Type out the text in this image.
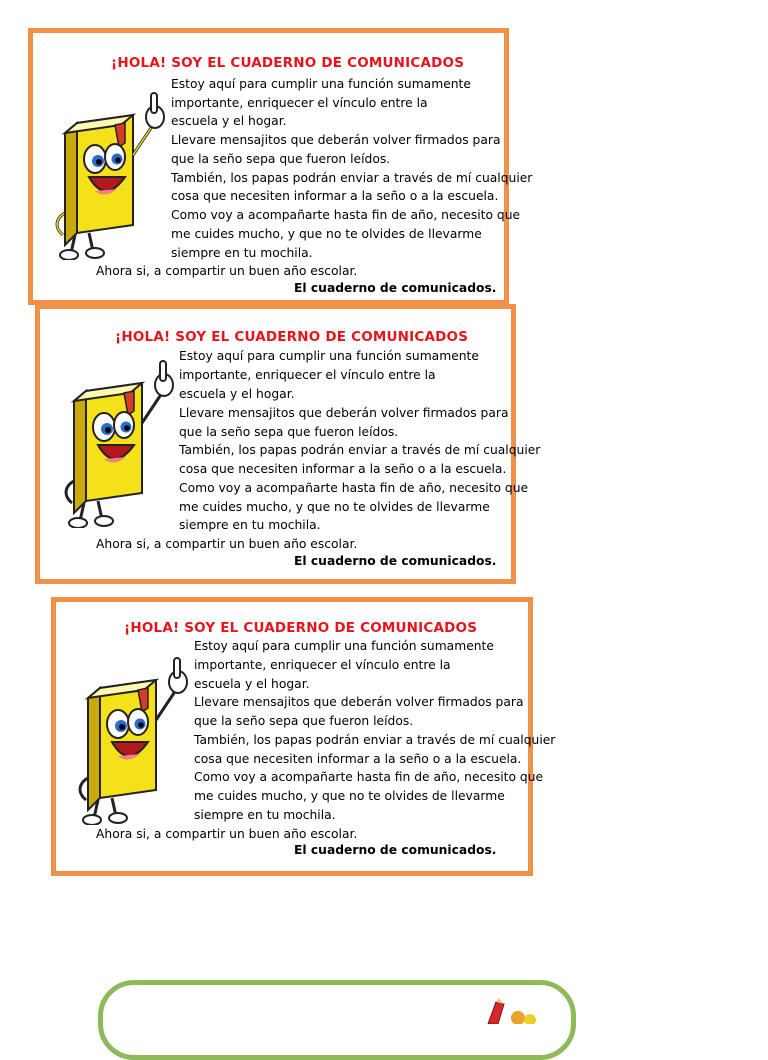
¡HOLA! SOY EL CUADERNO DE COMUNICADOS
Estoy aquí para cumplir una función sumamente
importante, enriquecer el vínculo entre la
escuela y el hogar.
Llevare mensajitos que deberán volver firmados para
que la seño sepa que fueron leídos.
También, los papas podrán enviar a través de mí cualquier
cosa que necesiten informar a la seño o a la escuela.
Como voy a acompañarte hasta fin de año, necesito que
me cuides mucho, y que no te olvides de llevarme
siempre en tu mochila.
Ahora si, a compartir un buen año escolar.
El cuaderno de comunicados.
¡HOLA! SOY EL CUADERNO DE COMUNICADOS
Estoy aquí para cumplir una función sumamente
importante, enriquecer el vínculo entre la
escuela y el hogar.
Llevare mensajitos que deberán volver firmados para
que la seño sepa que fueron leídos.
También, los papas podrán enviar a través de mí cualquier
cosa que necesiten informar a la seño o a la escuela.
Como voy a acompañarte hasta fin de año, necesito que
me cuides mucho, y que no te olvides de llevarme
siempre en tu mochila.
Ahora si, a compartir un buen año escolar.
El cuaderno de comunicados.
¡HOLA! SOY EL CUADERNO DE COMUNICADOS
Estoy aquí para cumplir una función sumamente
importante, enriquecer el vínculo entre la
escuela y el hogar.
Llevare mensajitos que deberán volver firmados para
que la seño sepa que fueron leídos.
También, los papas podrán enviar a través de mí cualquier
cosa que necesiten informar a la seño o a la escuela.
Como voy a acompañarte hasta fin de año, necesito que
me cuides mucho, y que no te olvides de llevarme
siempre en tu mochila.
Ahora si, a compartir un buen año escolar.
El cuaderno de comunicados.
